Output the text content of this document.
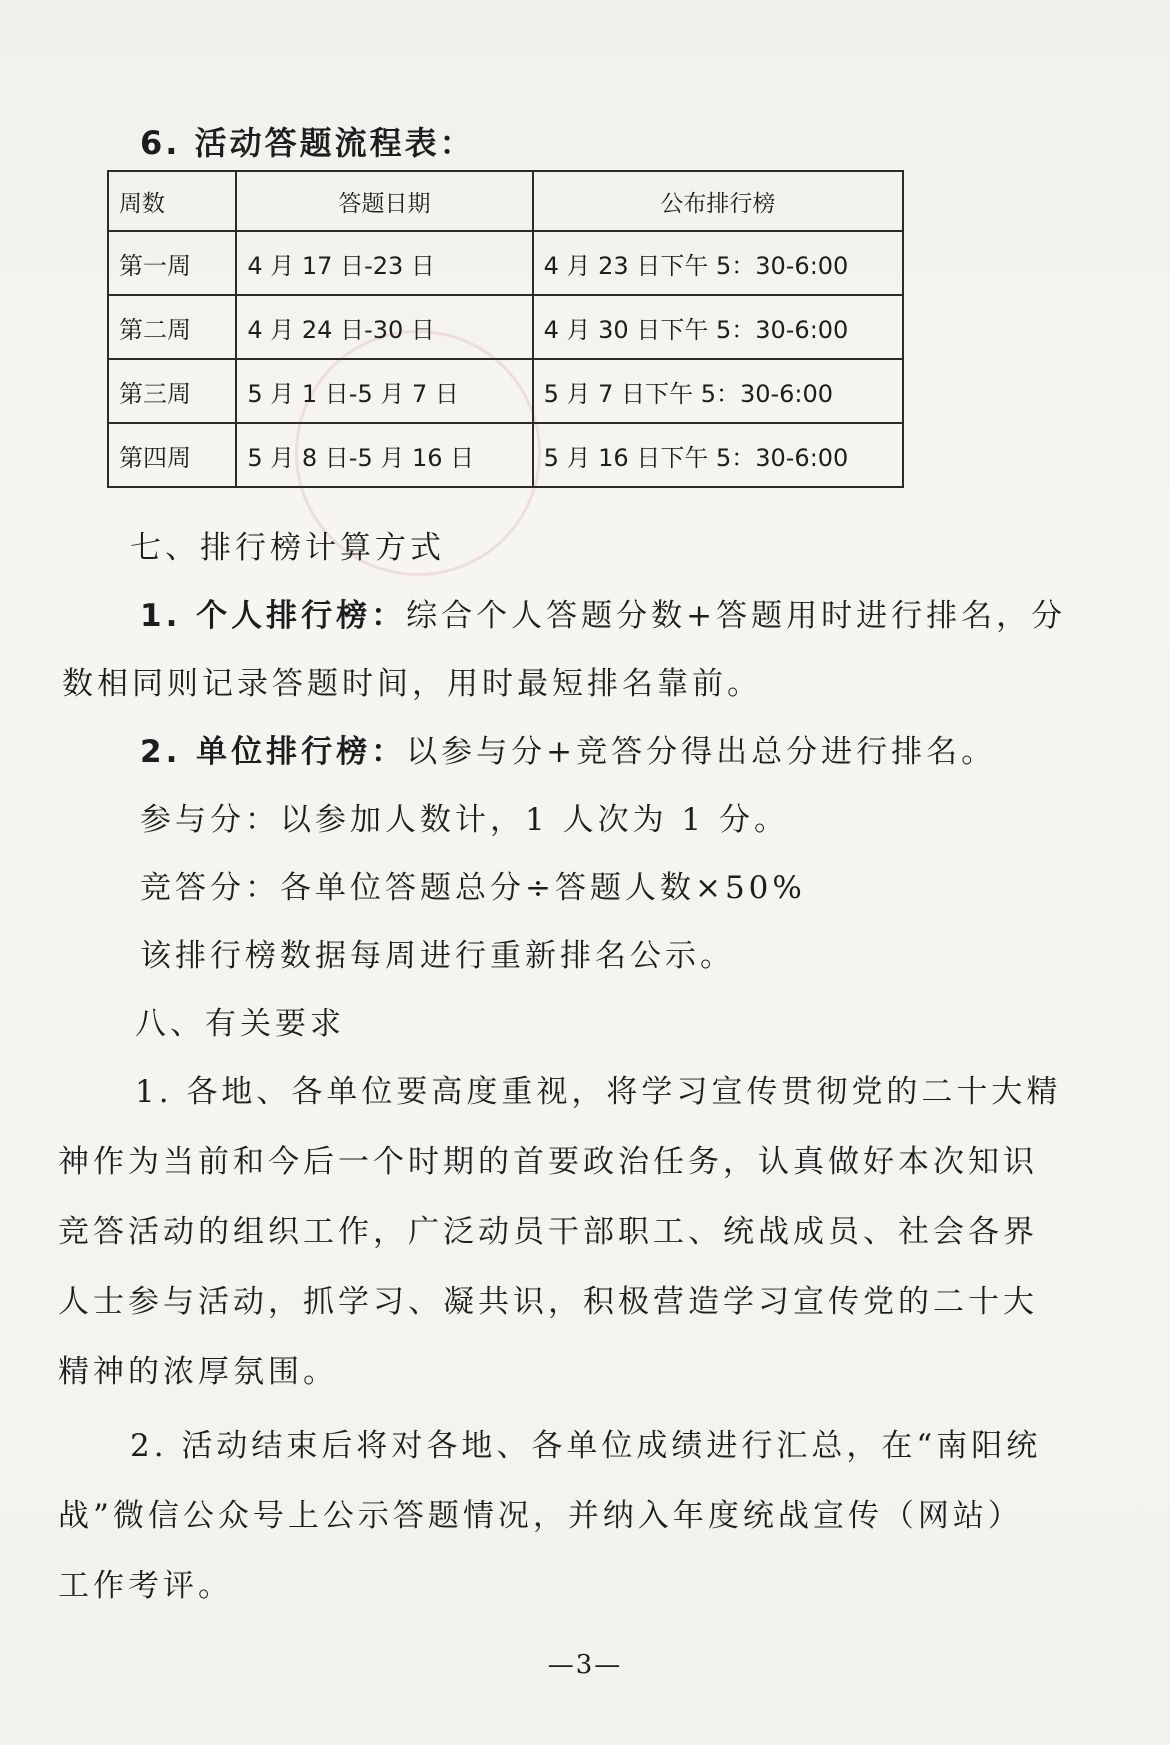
6. 活动答题流程表：
周数	答题日期	公布排行榜
第一周	4 月 17 日-23 日	4 月 23 日下午 5：30-6:00
第二周	4 月 24 日-30 日	4 月 30 日下午 5：30-6:00
第三周	5 月 1 日-5 月 7 日	5 月 7 日下午 5：30-6:00
第四周	5 月 8 日-5 月 16 日	5 月 16 日下午 5：30-6:00
七、排行榜计算方式
1. 个人排行榜：综合个人答题分数+答题用时进行排名，分
数相同则记录答题时间，用时最短排名靠前。
2. 单位排行榜：以参与分+竞答分得出总分进行排名。
参与分：以参加人数计，1 人次为 1 分。
竞答分：各单位答题总分÷答题人数×50%
该排行榜数据每周进行重新排名公示。
八、有关要求
1. 各地、各单位要高度重视，将学习宣传贯彻党的二十大精
神作为当前和今后一个时期的首要政治任务，认真做好本次知识
竞答活动的组织工作，广泛动员干部职工、统战成员、社会各界
人士参与活动，抓学习、凝共识，积极营造学习宣传党的二十大
精神的浓厚氛围。
2. 活动结束后将对各地、各单位成绩进行汇总，在“南阳统
战”微信公众号上公示答题情况，并纳入年度统战宣传（网站）
工作考评。
—3—
